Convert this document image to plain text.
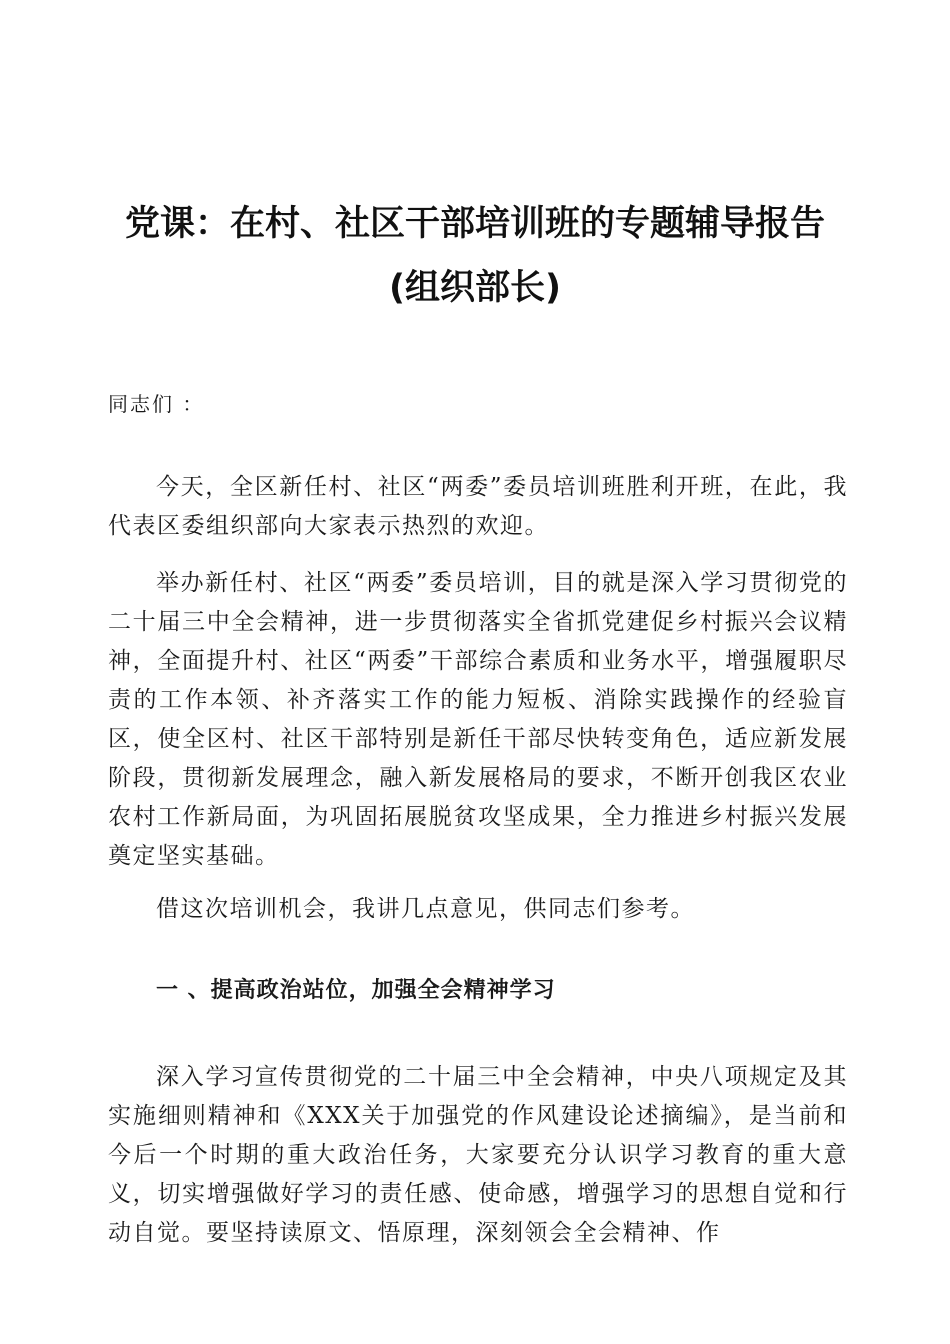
党课：在村、社区干部培训班的专题辅导报告(组织部长)

同志们 ：

今天，全区新任村、社区“两委”委员培训班胜利开班，在此，我代表区委组织部向大家表示热烈的欢迎。

举办新任村、社区“两委”委员培训，目的就是深入学习贯彻党的二十届三中全会精神，进一步贯彻落实全省抓党建促乡村振兴会议精神，全面提升村、社区“两委”干部综合素质和业务水平，增强履职尽责的工作本领、补齐落实工作的能力短板、消除实践操作的经验盲区，使全区村、社区干部特别是新任干部尽快转变角色，适应新发展阶段，贯彻新发展理念，融入新发展格局的要求，不断开创我区农业农村工作新局面，为巩固拓展脱贫攻坚成果，全力推进乡村振兴发展奠定坚实基础。

借这次培训机会，我讲几点意见，供同志们参考。

一 、提高政治站位，加强全会精神学习

深入学习宣传贯彻党的二十届三中全会精神，中央八项规定及其实施细则精神和《XXX关于加强党的作风建设论述摘编》，是当前和今后一个时期的重大政治任务，大家要充分认识学习教育的重大意义，切实增强做好学习的责任感、使命感，增强学习的思想自觉和行动自觉。要坚持读原文、悟原理，深刻领会全会精神、作
